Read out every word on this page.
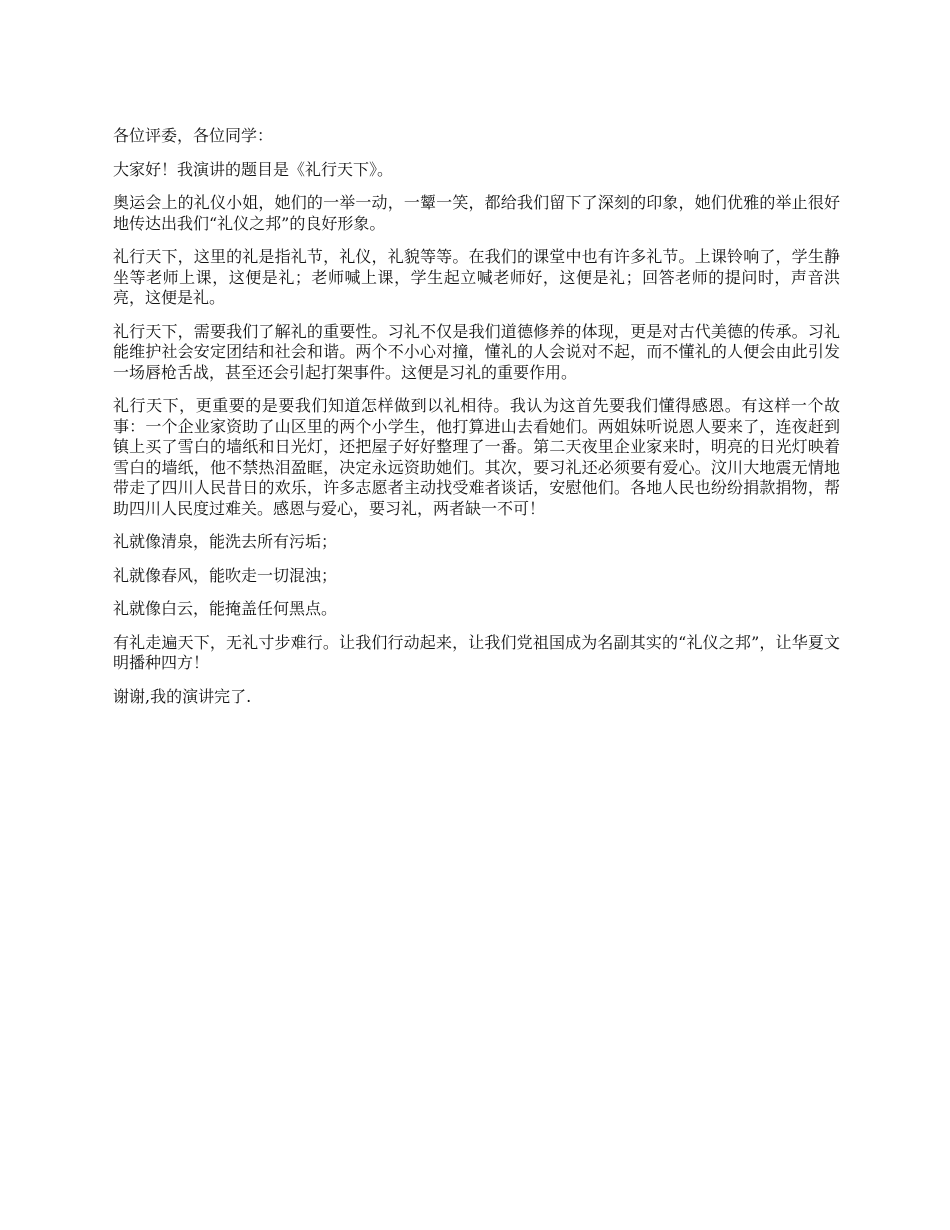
各位评委，各位同学：

大家好！我演讲的题目是《礼行天下》。

奥运会上的礼仪小姐，她们的一举一动，一颦一笑，都给我们留下了深刻的印象，她们优雅的举止很好地传达出我们“礼仪之邦”的良好形象。

礼行天下，这里的礼是指礼节，礼仪，礼貌等等。在我们的课堂中也有许多礼节。上课铃响了，学生静坐等老师上课，这便是礼；老师喊上课，学生起立喊老师好，这便是礼；回答老师的提问时，声音洪亮，这便是礼。

礼行天下，需要我们了解礼的重要性。习礼不仅是我们道德修养的体现，更是对古代美德的传承。习礼能维护社会安定团结和社会和谐。两个不小心对撞，懂礼的人会说对不起，而不懂礼的人便会由此引发一场唇枪舌战，甚至还会引起打架事件。这便是习礼的重要作用。

礼行天下，更重要的是要我们知道怎样做到以礼相待。我认为这首先要我们懂得感恩。有这样一个故事：一个企业家资助了山区里的两个小学生，他打算进山去看她们。两姐妹听说恩人要来了，连夜赶到镇上买了雪白的墙纸和日光灯，还把屋子好好整理了一番。第二天夜里企业家来时，明亮的日光灯映着雪白的墙纸，他不禁热泪盈眶，决定永远资助她们。其次，要习礼还必须要有爱心。汶川大地震无情地带走了四川人民昔日的欢乐，许多志愿者主动找受难者谈话，安慰他们。各地人民也纷纷捐款捐物，帮助四川人民度过难关。感恩与爱心，要习礼，两者缺一不可！

礼就像清泉，能洗去所有污垢；

礼就像春风，能吹走一切混浊；

礼就像白云，能掩盖任何黑点。

有礼走遍天下，无礼寸步难行。让我们行动起来，让我们党祖国成为名副其实的“礼仪之邦”，让华夏文明播种四方！

谢谢,我的演讲完了.
